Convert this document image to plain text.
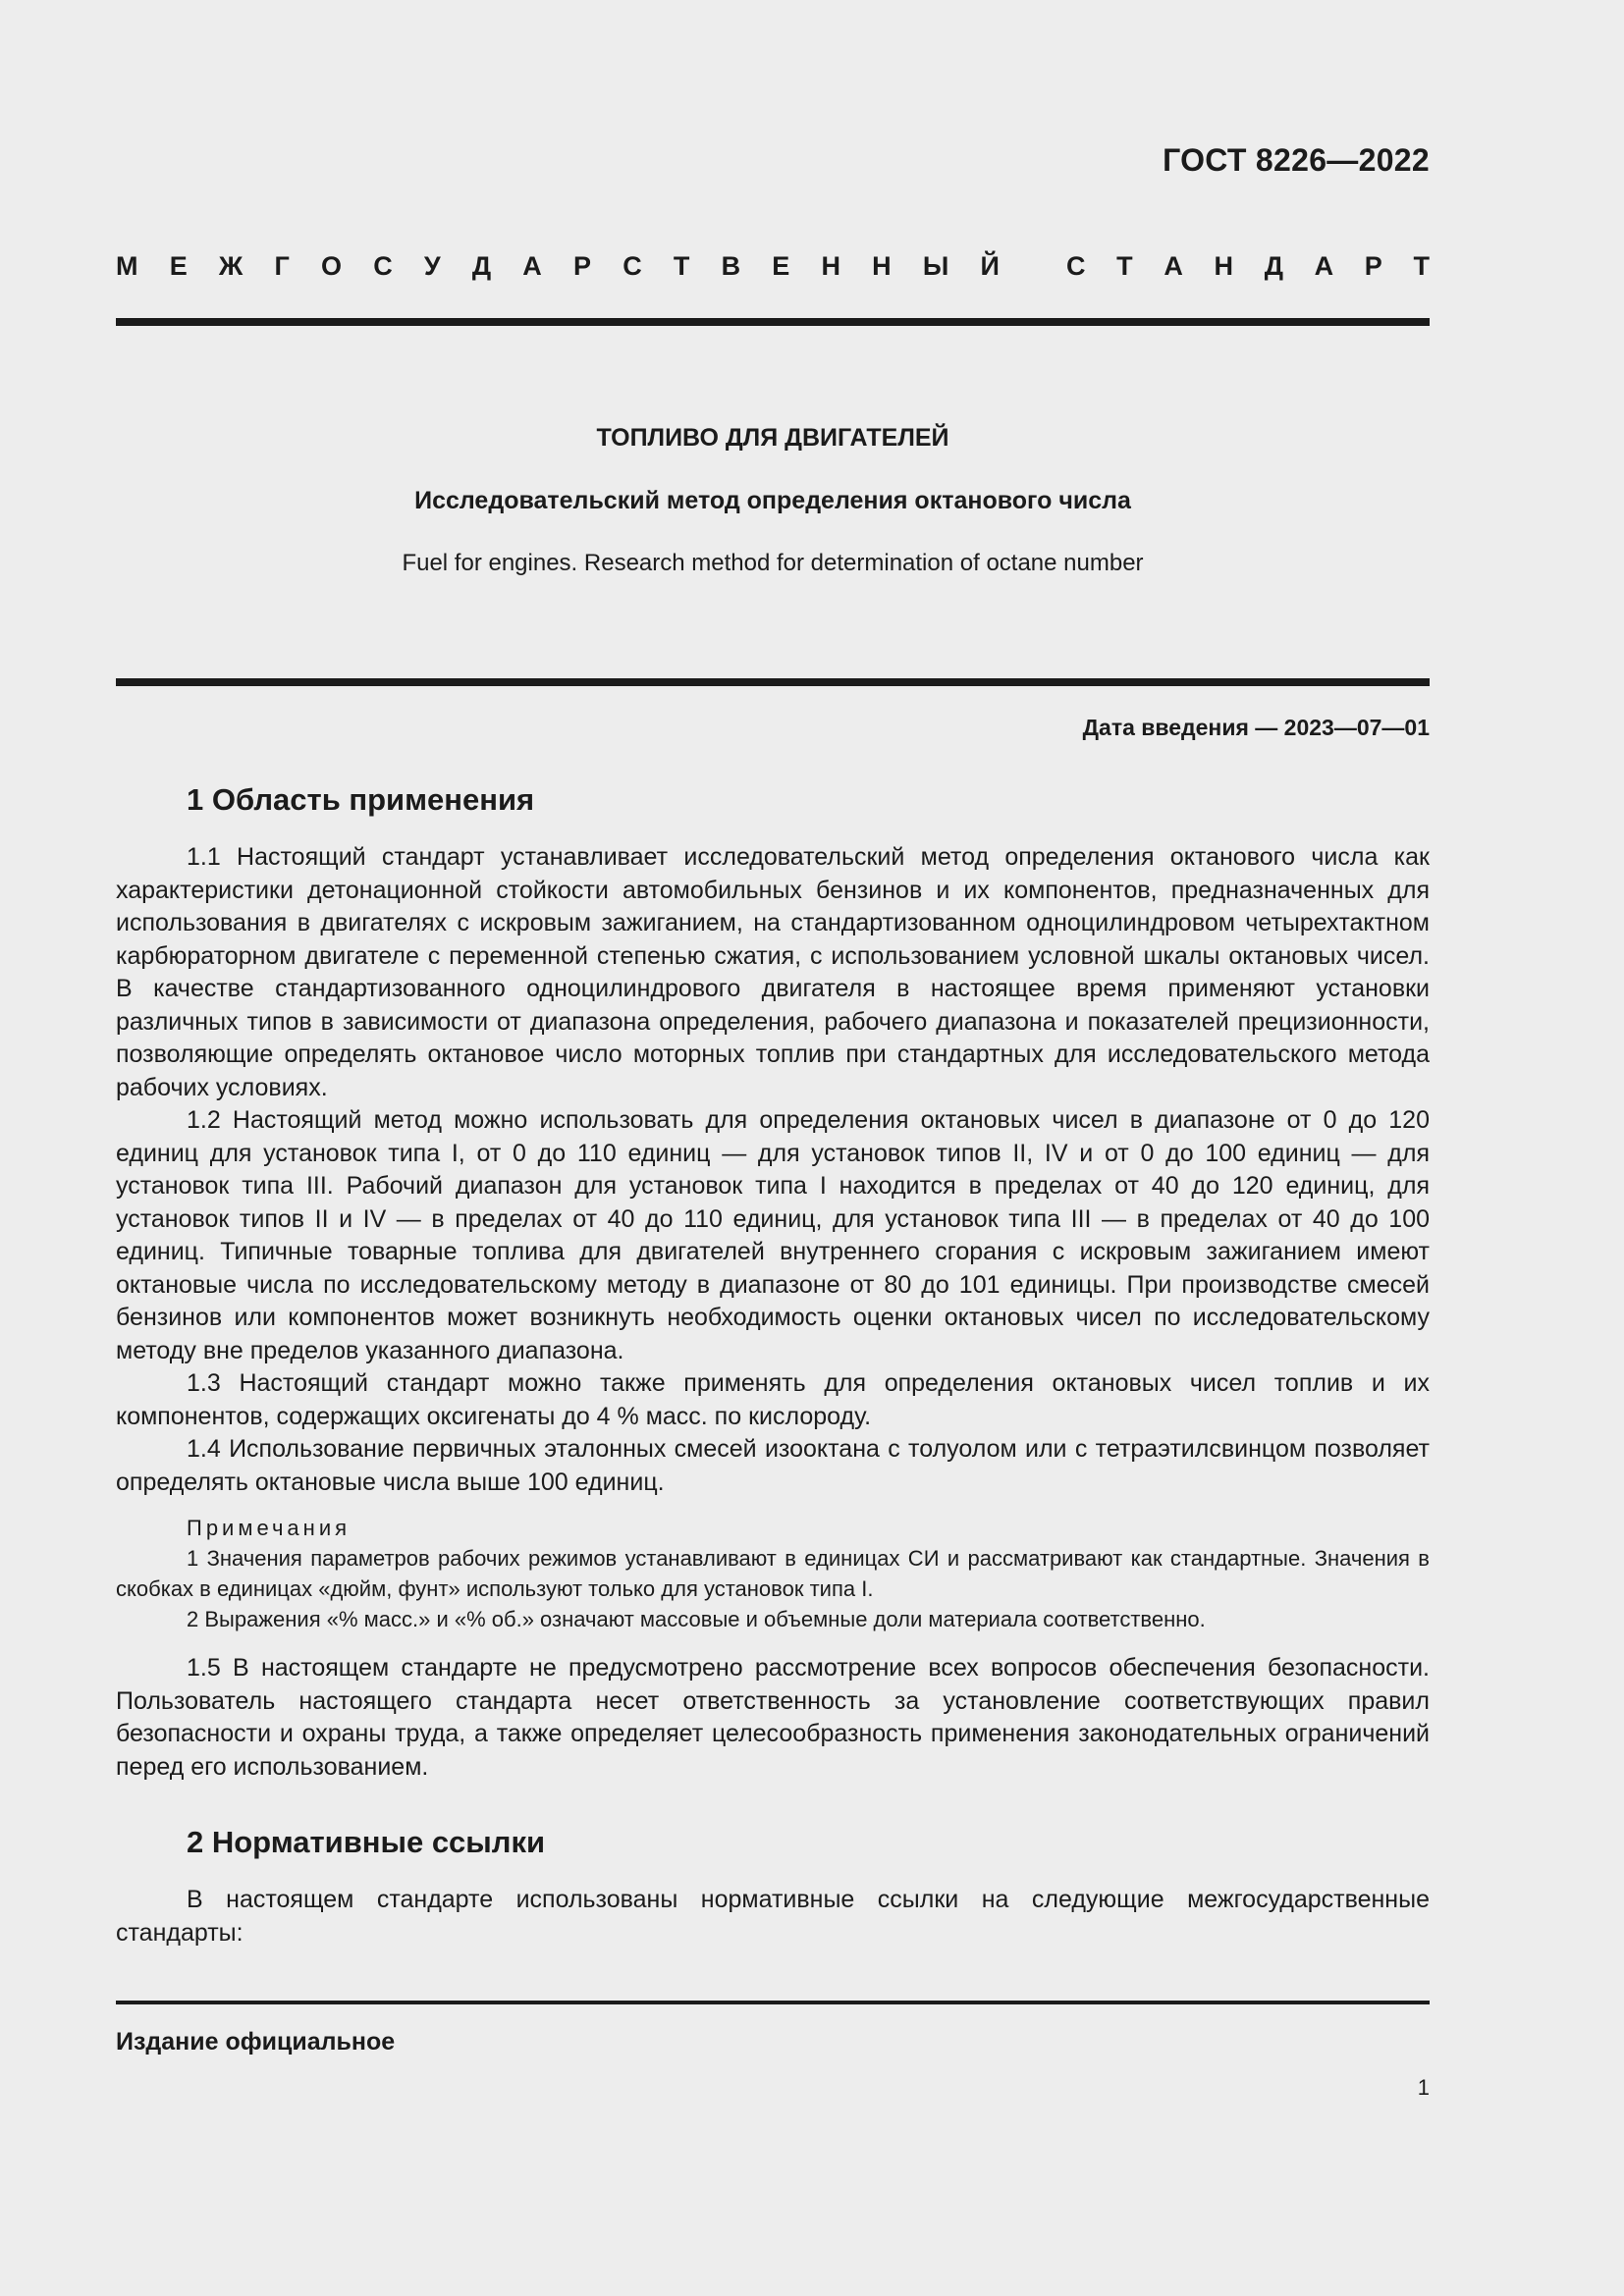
ГОСТ 8226—2022
М Е Ж Г О С У Д А Р С Т В Е Н Н Ы Й	С Т А Н Д А Р Т
ТОПЛИВО ДЛЯ ДВИГАТЕЛЕЙ
Исследовательский метод определения октанового числа
Fuel for engines. Research method for determination of octane number
Дата введения — 2023—07—01
1 Область применения

1.1 Настоящий стандарт устанавливает исследовательский метод определения октанового числа как характеристики детонационной стойкости автомобильных бензинов и их компонентов, предназначенных для использования в двигателях с искровым зажиганием, на стандартизованном одноцилиндровом четырехтактном карбюраторном двигателе с переменной степенью сжатия, с использованием условной шкалы октановых чисел. В качестве стандартизованного одноцилиндрового двигателя в настоящее время применяют установки различных типов в зависимости от диапазона определения, рабочего диапазона и показателей прецизионности, позволяющие определять октановое число моторных топлив при стандартных для исследовательского метода рабочих условиях.

1.2 Настоящий метод можно использовать для определения октановых чисел в диапазоне от 0 до 120 единиц для установок типа I, от 0 до 110 единиц — для установок типов II, IV и от 0 до 100 единиц — для установок типа III. Рабочий диапазон для установок типа I находится в пределах от 40 до 120 единиц, для установок типов II и IV — в пределах от 40 до 110 единиц, для установок типа III — в пределах от 40 до 100 единиц. Типичные товарные топлива для двигателей внутреннего сгорания с искровым зажиганием имеют октановые числа по исследовательскому методу в диапазоне от 80 до 101 единицы. При производстве смесей бензинов или компонентов может возникнуть необходимость оценки октановых чисел по исследовательскому методу вне пределов указанного диапазона.

1.3 Настоящий стандарт можно также применять для определения октановых чисел топлив и их компонентов, содержащих оксигенаты до 4 % масс. по кислороду.

1.4 Использование первичных эталонных смесей изооктана с толуолом или с тетраэтилсвинцом позволяет определять октановые числа выше 100 единиц.

Примечания

1 Значения параметров рабочих режимов устанавливают в единицах СИ и рассматривают как стандартные. Значения в скобках в единицах «дюйм, фунт» используют только для установок типа I.

2 Выражения «% масс.» и «% об.» означают массовые и объемные доли материала соответственно.

1.5 В настоящем стандарте не предусмотрено рассмотрение всех вопросов обеспечения безопасности. Пользователь настоящего стандарта несет ответственность за установление соответствующих правил безопасности и охраны труда, а также определяет целесообразность применения законодательных ограничений перед его использованием.

2 Нормативные ссылки

В настоящем стандарте использованы нормативные ссылки на следующие межгосударственные стандарты:

Издание официальное
1
